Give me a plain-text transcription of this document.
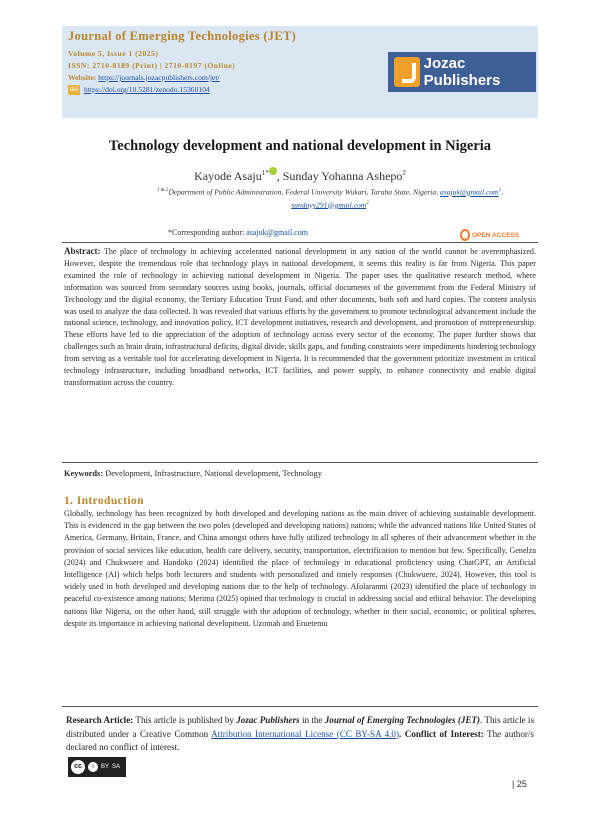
Journal of Emerging Technologies (JET)

Volume 5, Issue 1 (2025)

ISSN: 2710-0189 (Print) | 2710-0197 (Online)

Website: https://journals.jozacpublishers.com/jet/

doi https://doi.org/10.5281/zenodo.15360104
Jozac Publishers
Technology development and national development in Nigeria
Kayode Asaju$^{1*}$ , Sunday Yohanna Ashepo$^2$
$^{1 \& 2}$Department of Public Administration, Federal University Wukari, Taraba State, Nigeria, asajuk@gmail.com$^1$,
sundayy291@gmail.com$^2$
*Corresponding author: asajuk@gmail.com	OPEN ACCESS
Abstract: The place of technology in achieving accelerated national development in any nation of the world cannot be overemphasized. However, despite the tremendous role that technology plays in national development, it seems this reality is far from Nigeria. This paper examined the role of technology in achieving national development in Nigeria. The paper uses the qualitative research method, where information was sourced from secondary sources using books, journals, official documents of the government from the Federal Ministry of Technology and the digital economy, the Tertiary Education Trust Fund, and other documents, both soft and hard copies. The content analysis was used to analyze the data collected. It was revealed that various efforts by the government to promote technological advancement include the national science, technology, and innovation policy, ICT development initiatives, research and development, and promotion of entrepreneurship. These efforts have led to the appreciation of the adoption of technology across every sector of the economy. The paper further shows that challenges such as brain drain, infrastructural deficits, digital divide, skills gaps, and funding constraints were impediments hindering technology from serving as a veritable tool for accelerating development in Nigeria. It is recommended that the government prioritize investment in critical technology infrastructure, including broadband networks, ICT facilities, and power supply, to enhance connectivity and enable digital transformation across the country.
Keywords: Development, Infrastructure, National development, Technology
1. Introduction
Globally, technology has been recognized by both developed and developing nations as the main driver of achieving sustainable development. This is evidenced in the gap between the two poles (developed and developing nations) nations; while the advanced nations like United States of America, Germany, Britain, France, and China amongst others have fully utilized technology in all spheres of their advancement whether in the provision of social services like education, health care delivery, security, transportation, electrification to mention but few. Specifically, Genelza (2024) and Chukwuere and Handoko (2024) identified the place of technology in educational proficiency using ChatGPT, an Artificial Intelligence (AI) which helps both lecturers and students with personalized and timely responses (Chukwuere, 2024). However, this tool is widely used in both developed and developing nations due to the help of technology. Afolaranmi (2023) identified the place of technology in peaceful co-existence among nations; Merima (2025) opined that technology is crucial in addressing social and ethical behavior. The developing nations like Nigeria, on the other hand, still struggle with the adoption of technology, whether in their social, economic, or political spheres, despite its importance in achieving national development. Uzomah and Eruetemu
Research Article: This article is published by Jozac Publishers in the Journal of Emerging Technologies (JET). This article is distributed under a Creative Common Attribution International License (CC BY-SA 4.0). Conflict of Interest: The author/s declared no conflict of interest.
cc	i	BY SA
| 25
